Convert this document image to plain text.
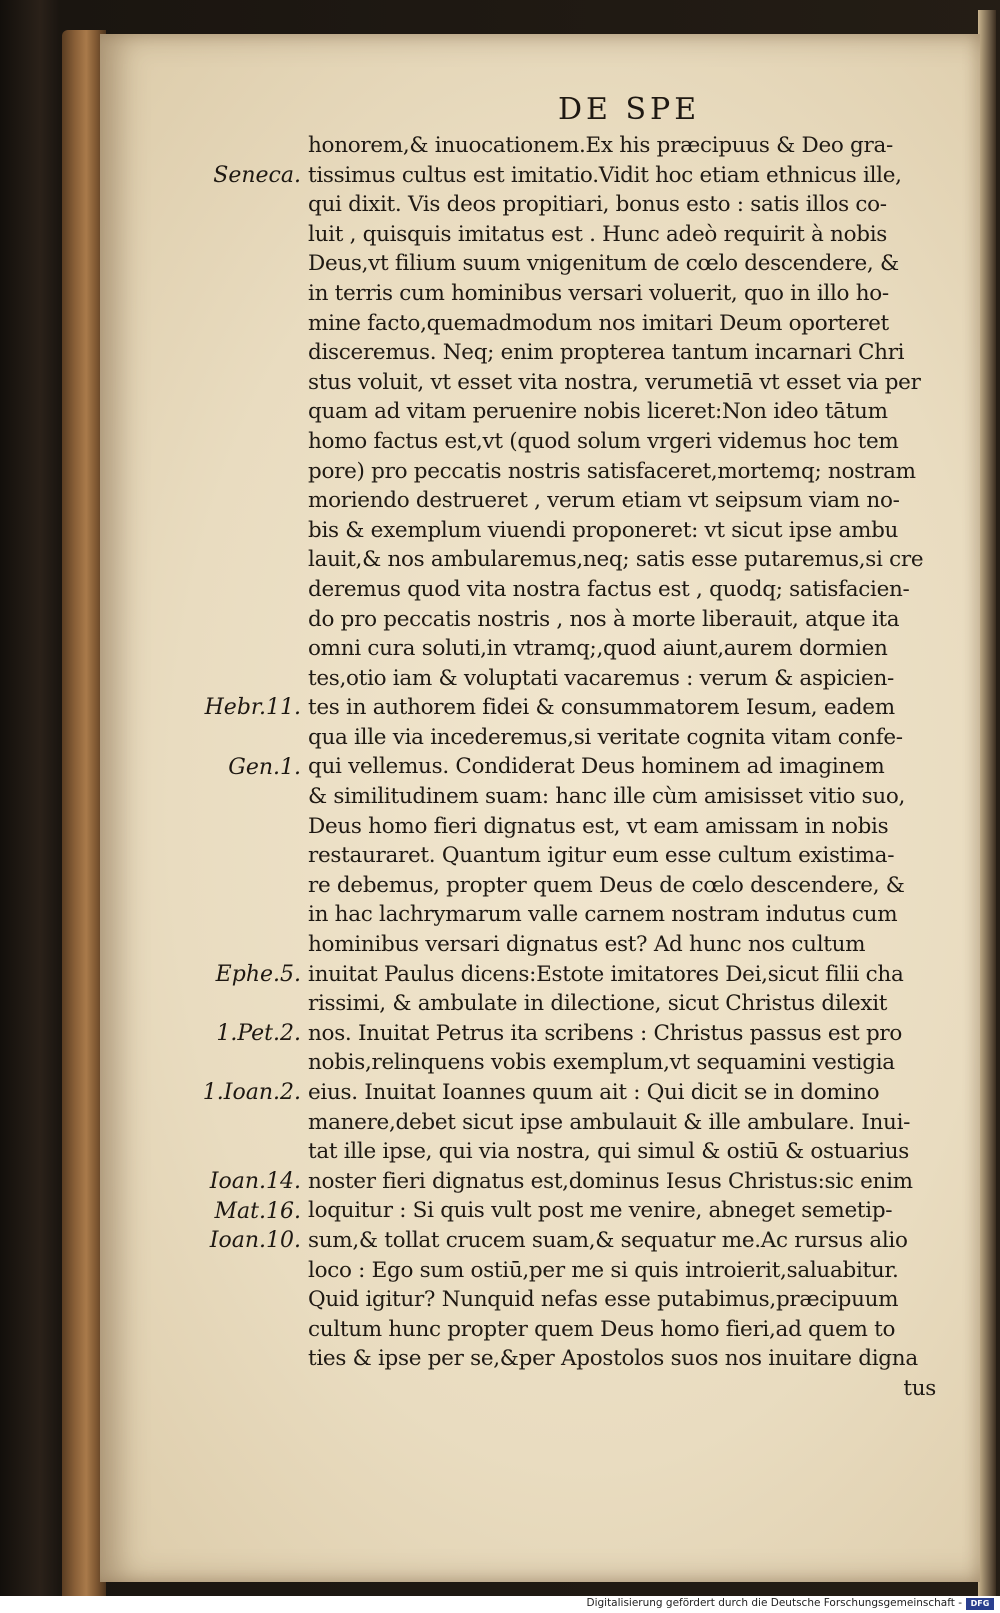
DE SPE
Seneca.
Hebr.11.
Gen.1.
Ephe.5.
1.Pet.2.
1.Ioan.2.
Ioan.14.
Mat.16.
Ioan.10.
honorem,& inuocationem.Ex his præcipuus & Deo gra-
tissimus cultus est imitatio.Vidit hoc etiam ethnicus ille,
qui dixit. Vis deos propitiari, bonus esto : satis illos co-
luit , quisquis imitatus est . Hunc adeò requirit à nobis
Deus,vt filium suum vnigenitum de cœlo descendere, &
in terris cum hominibus versari voluerit, quo in illo ho-
mine facto,quemadmodum nos imitari Deum oporteret
disceremus. Neq; enim propterea tantum incarnari Chri
stus voluit, vt esset vita nostra, verumetiā vt esset via per
quam ad vitam peruenire nobis liceret:Non ideo tātum
homo factus est,vt (quod solum vrgeri videmus hoc tem
pore) pro peccatis nostris satisfaceret,mortemq; nostram
moriendo destrueret , verum etiam vt seipsum viam no-
bis & exemplum viuendi proponeret: vt sicut ipse ambu
lauit,& nos ambularemus,neq; satis esse putaremus,si cre
deremus quod vita nostra factus est , quodq; satisfacien-
do pro peccatis nostris , nos à morte liberauit, atque ita
omni cura soluti,in vtramq;,quod aiunt,aurem dormien
tes,otio iam & voluptati vacaremus : verum & aspicien-
tes in authorem fidei & consummatorem Iesum, eadem
qua ille via incederemus,si veritate cognita vitam confe-
qui vellemus. Condiderat Deus hominem ad imaginem
& similitudinem suam: hanc ille cùm amisisset vitio suo,
Deus homo fieri dignatus est, vt eam amissam in nobis
restauraret. Quantum igitur eum esse cultum existima-
re debemus, propter quem Deus de cœlo descendere, &
in hac lachrymarum valle carnem nostram indutus cum
hominibus versari dignatus est? Ad hunc nos cultum
inuitat Paulus dicens:Estote imitatores Dei,sicut filii cha
rissimi, & ambulate in dilectione, sicut Christus dilexit
nos. Inuitat Petrus ita scribens : Christus passus est pro
nobis,relinquens vobis exemplum,vt sequamini vestigia
eius. Inuitat Ioannes quum ait : Qui dicit se in domino
manere,debet sicut ipse ambulauit & ille ambulare. Inui-
tat ille ipse, qui via nostra, qui simul & ostiū & ostuarius
noster fieri dignatus est,dominus Iesus Christus:sic enim
loquitur : Si quis vult post me venire, abneget semetip-
sum,& tollat crucem suam,& sequatur me.Ac rursus alio
loco : Ego sum ostiū,per me si quis introierit,saluabitur.
Quid igitur? Nunquid nefas esse putabimus,præcipuum
cultum hunc propter quem Deus homo fieri,ad quem to
ties & ipse per se,&per Apostolos suos nos inuitare digna
tus
Digitalisierung gefördert durch die Deutsche Forschungsgemeinschaft -	DFG
